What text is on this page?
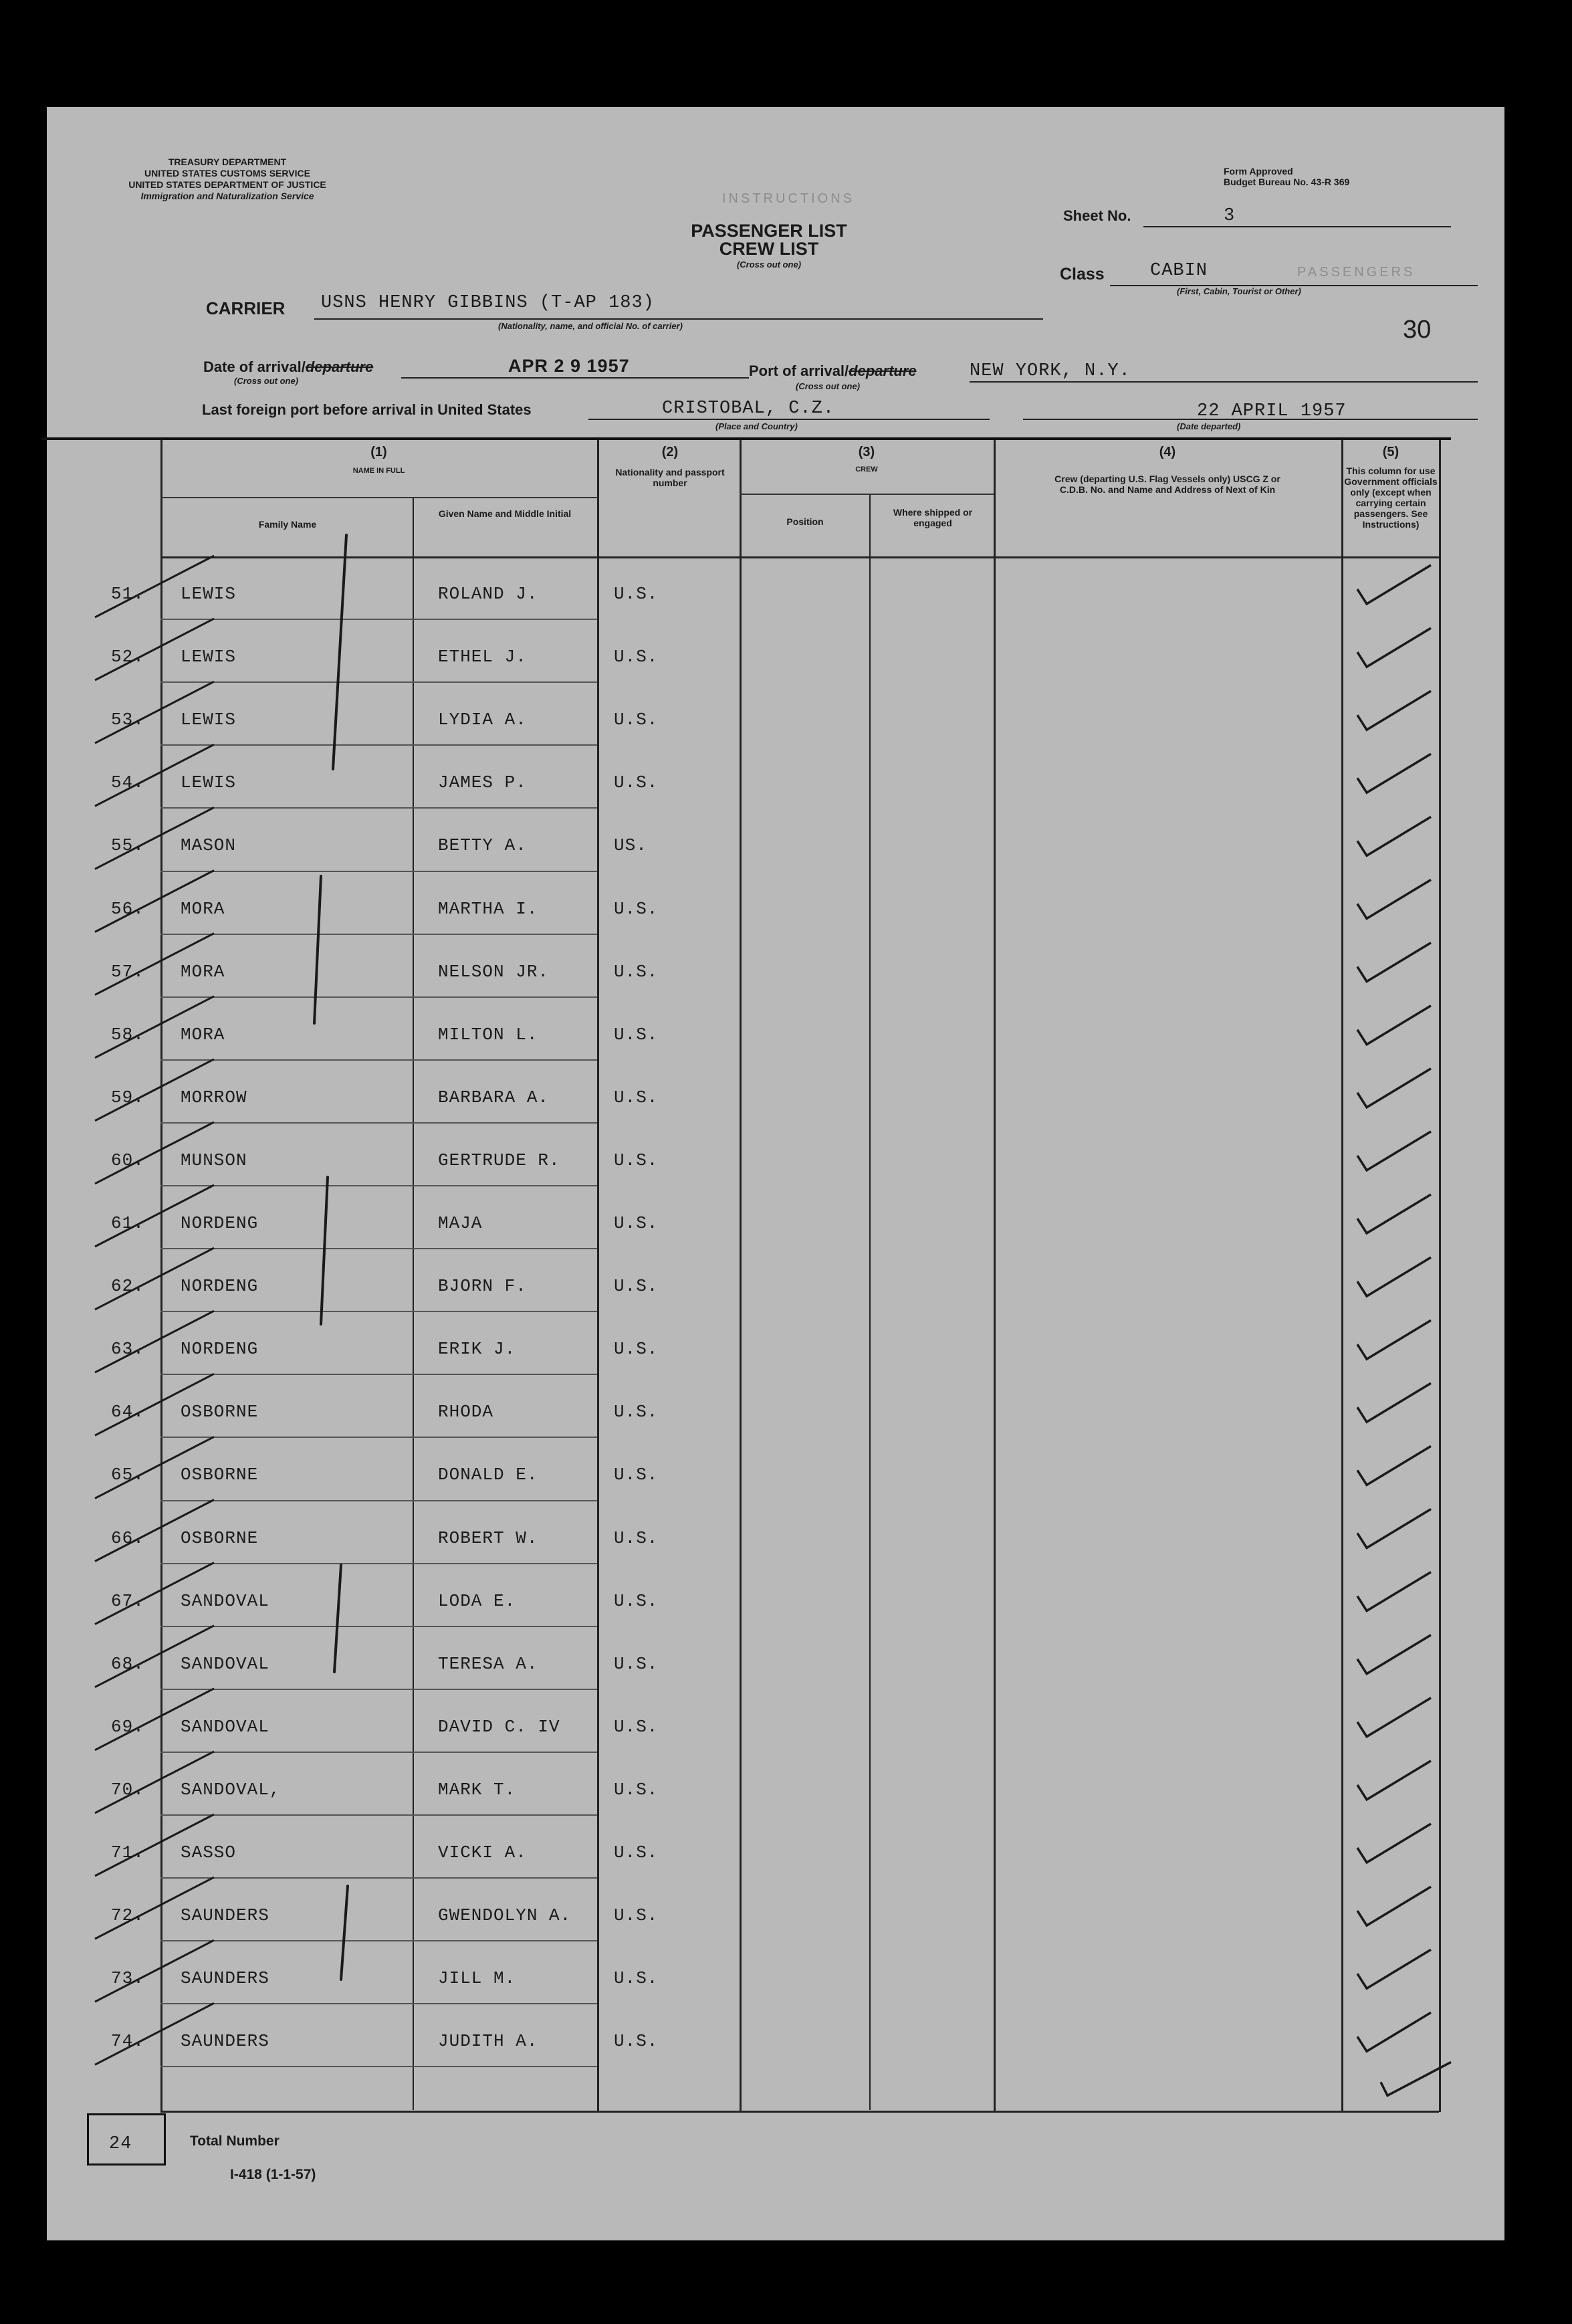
TREASURY DEPARTMENT
UNITED STATES CUSTOMS SERVICE
UNITED STATES DEPARTMENT OF JUSTICE
Immigration and Naturalization Service
Form Approved
Budget Bureau No. 43-R 369
PASSENGER LIST
CREW LIST
(Cross out one)
Sheet No.	3
Class	CABIN
(First, Cabin, Tourist or Other)
30
CARRIER USNS HENRY GIBBINS (T-AP 183)
(Nationality, name, and official No. of carrier)
Date of arrival/departure
(Cross out one)
APR 2 9 1957	Port of arrival/departure
(Cross out one)
NEW YORK, N.Y.
Last foreign port before arrival in United States	CRISTOBAL, C.Z.
(Place and Country)
22 APRIL 1957
(Date departed)
INSTRUCTIONS
PASSENGERS
(1)
NAME IN FULL
Family Name
Given Name and Middle Initial
(2)
Nationality and passport number
(3)
CREW
Position
Where shipped or engaged
(4)
Crew (departing U.S. Flag Vessels only) USCG Z or C.D.B. No. and Name and Address of Next of Kin
(5)
This column for use Government officials only (except when carrying certain passengers. See Instructions)
51. LEWIS	ROLAND J.	U.S.
52. LEWIS	ETHEL J.	U.S.
53. LEWIS	LYDIA A.	U.S.
54. LEWIS	JAMES P.	U.S.
55. MASON	BETTY A.	US.
56. MORA	MARTHA I.	U.S.
57. MORA	NELSON JR.	U.S.
58. MORA	MILTON L.	U.S.
59. MORROW	BARBARA A.	U.S.
60. MUNSON	GERTRUDE R.	U.S.
61. NORDENG	MAJA	U.S.
62. NORDENG	BJORN F.	U.S.
63. NORDENG	ERIK J.	U.S.
64. OSBORNE	RHODA	U.S.
65. OSBORNE	DONALD E.	U.S.
66. OSBORNE	ROBERT W.	U.S.
67. SANDOVAL	LODA E.	U.S.
68. SANDOVAL	TERESA A.	U.S.
69. SANDOVAL	DAVID C. IV	U.S.
70. SANDOVAL,	MARK T.	U.S.
71. SASSO	VICKI A.	U.S.
72. SAUNDERS	GWENDOLYN A. U.S.
73. SAUNDERS	JILL M.	U.S.
74. SAUNDERS	JUDITH A.	U.S.
24	Total Number
I-418 (1-1-57)
